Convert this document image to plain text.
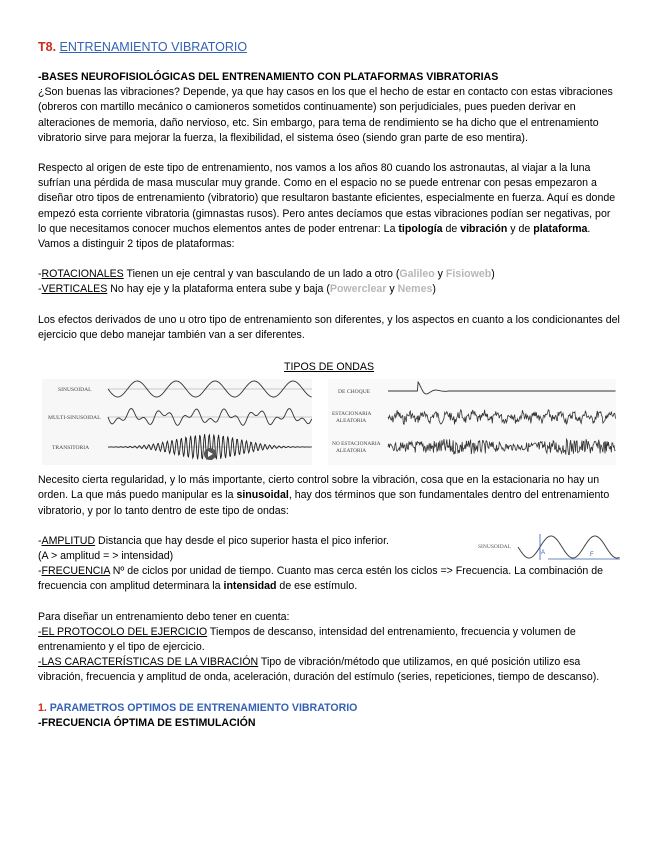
T8. ENTRENAMIENTO VIBRATORIO

-BASES NEUROFISIOLÓGICAS DEL ENTRENAMIENTO CON PLATAFORMAS VIBRATORIAS

¿Son buenas las vibraciones? Depende, ya que hay casos en los que el hecho de estar en contacto con estas vibraciones (obreros con martillo mecánico o camioneros sometidos continuamente) son perjudiciales, pues pueden derivar en alteraciones de memoria, daño nervioso, etc. Sin embargo, para tema de rendimiento se ha dicho que el entrenamiento vibratorio sirve para mejorar la fuerza, la flexibilidad, el sistema óseo (siendo gran parte de eso mentira).

Respecto al origen de este tipo de entrenamiento, nos vamos a los años 80 cuando los astronautas, al viajar a la luna sufrían una pérdida de masa muscular muy grande. Como en el espacio no se puede entrenar con pesas empezaron a diseñar otro tipos de entrenamiento (vibratorio) que resultaron bastante eficientes, especialmente en fuerza. Aquí es donde empezó esta corriente vibratoria (gimnastas rusos). Pero antes decíamos que estas vibraciones podían ser negativas, por lo que necesitamos conocer muchos elementos antes de poder entrenar: La tipología de vibración y de plataforma. Vamos a distinguir 2 tipos de plataformas:

-ROTACIONALES Tienen un eje central y van basculando de un lado a otro (Galileo y Fisioweb)

-VERTICALES No hay eje y la plataforma entera sube y baja (Powerclear y Nemes)

Los efectos derivados de uno u otro tipo de entrenamiento son diferentes, y los aspectos en cuanto a los condicionantes del ejercicio que debo manejar también van a ser diferentes.

TIPOS DE ONDAS

SINUSOIDAL
MULTI-SINUSOIDAL
TRANSITORIA
DE CHOQUE
ESTACIONARIA
ALEATORIA
NO ESTACIONARIA
ALEATORIA

Necesito cierta regularidad, y lo más importante, cierto control sobre la vibración, cosa que en la estacionaria no hay un orden. La que más puedo manipular es la sinusoidal, hay dos términos que son fundamentales dentro del entrenamiento vibratorio, y por lo tanto dentro de este tipo de ondas:

-AMPLITUD Distancia que hay desde el pico superior hasta el pico inferior.	SINUSOIDAL
A	F

(A > amplitud = > intensidad)

-FRECUENCIA Nº de ciclos por unidad de tiempo. Cuanto mas cerca estén los ciclos => Frecuencia. La combinación de frecuencia con amplitud determinara la intensidad de ese estímulo.

Para diseñar un entrenamiento debo tener en cuenta:

-EL PROTOCOLO DEL EJERCICIO Tiempos de descanso, intensidad del entrenamiento, frecuencia y volumen de entrenamiento y el tipo de ejercicio.

-LAS CARACTERÍSTICAS DE LA VIBRACIÓN Tipo de vibración/método que utilizamos, en qué posición utilizo esa vibración, frecuencia y amplitud de onda, aceleración, duración del estímulo (series, repeticiones, tiempo de descanso).

1. PARAMETROS OPTIMOS DE ENTRENAMIENTO VIBRATORIO

-FRECUENCIA ÓPTIMA DE ESTIMULACIÓN
